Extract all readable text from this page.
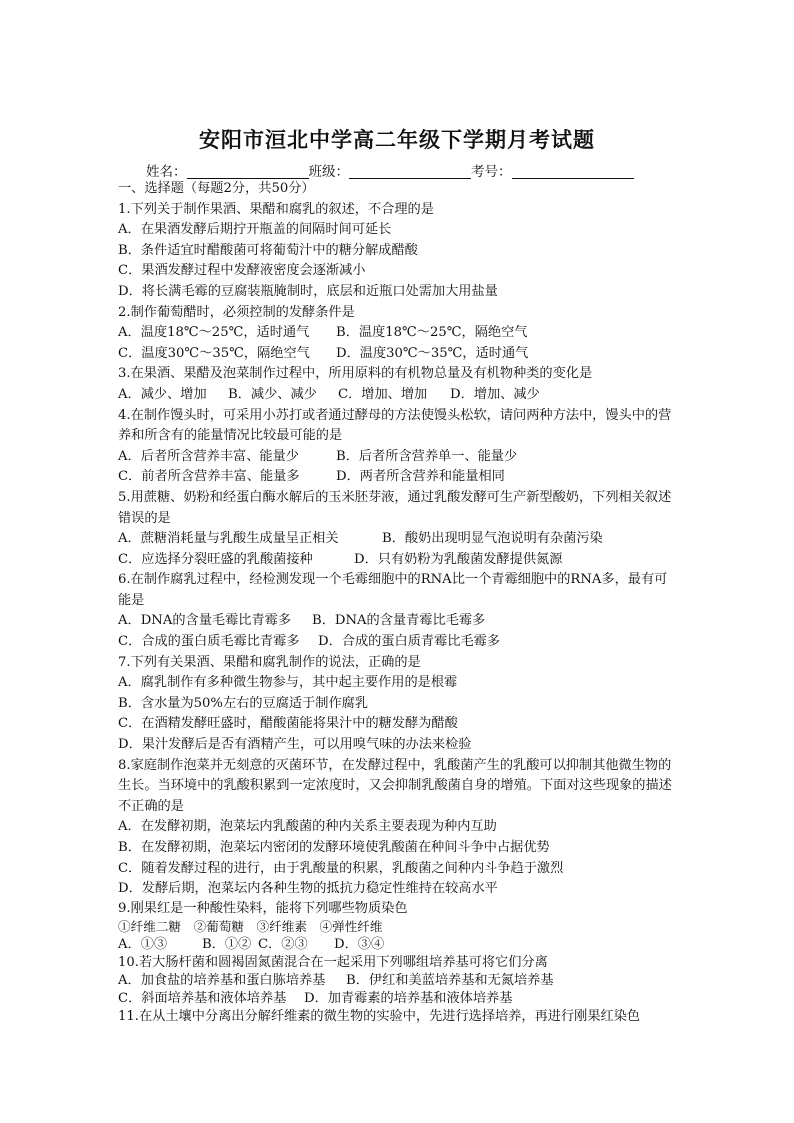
安阳市洹北中学高二年级下学期月考试题
姓名：	班级：	考号：
一、选择题（每题2分，共50分）
1.下列关于制作果酒、果醋和腐乳的叙述，不合理的是
A．在果酒发酵后期拧开瓶盖的间隔时间可延长
B．条件适宜时醋酸菌可将葡萄汁中的糖分解成醋酸
C．果酒发酵过程中发酵液密度会逐渐减小
D．将长满毛霉的豆腐装瓶腌制时，底层和近瓶口处需加大用盐量
2.制作葡萄醋时，必须控制的发酵条件是
A．温度18℃～25℃，适时通气 B．温度18℃～25℃，隔绝空气
C．温度30℃～35℃，隔绝空气 D．温度30℃～35℃，适时通气
3.在果酒、果醋及泡菜制作过程中，所用原料的有机物总量及有机物种类的变化是
A．减少、增加 B．减少、减少 C．增加、增加 D．增加、减少
4.在制作馒头时，可采用小苏打或者通过酵母的方法使馒头松软，请问两种方法中，馒头中的营养和所含有的能量情况比较最可能的是
A．后者所含营养丰富、能量少	B．后者所含营养单一、能量少
C．前者所含营养丰富、能量多	D．两者所含营养和能量相同
5.用蔗糖、奶粉和经蛋白酶水解后的玉米胚芽液，通过乳酸发酵可生产新型酸奶，下列相关叙述错误的是
A．蔗糖消耗量与乳酸生成量呈正相关	B．酸奶出现明显气泡说明有杂菌污染
C．应选择分裂旺盛的乳酸菌接种	D．只有奶粉为乳酸菌发酵提供氮源
6.在制作腐乳过程中，经检测发现一个毛霉细胞中的RNA比一个青霉细胞中的RNA多，最有可能是
A．DNA的含量毛霉比青霉多 B．DNA的含量青霉比毛霉多
C．合成的蛋白质毛霉比青霉多 D．合成的蛋白质青霉比毛霉多
7.下列有关果酒、果醋和腐乳制作的说法，正确的是
A．腐乳制作有多种微生物参与，其中起主要作用的是根霉
B．含水量为50%左右的豆腐适于制作腐乳
C．在酒精发酵旺盛时，醋酸菌能将果汁中的糖发酵为醋酸
D．果汁发酵后是否有酒精产生，可以用嗅气味的办法来检验
8.家庭制作泡菜并无刻意的灭菌环节，在发酵过程中，乳酸菌产生的乳酸可以抑制其他微生物的生长。当环境中的乳酸积累到一定浓度时，又会抑制乳酸菌自身的增殖。下面对这些现象的描述不正确的是
A．在发酵初期，泡菜坛内乳酸菌的种内关系主要表现为种内互助
B．在发酵初期，泡菜坛内密闭的发酵环境使乳酸菌在种间斗争中占据优势
C．随着发酵过程的进行，由于乳酸量的积累，乳酸菌之间种内斗争趋于激烈
D．发酵后期，泡菜坛内各种生物的抵抗力稳定性维持在较高水平
9.刚果红是一种酸性染料，能将下列哪些物质染色
①纤维二糖　②葡萄糖　③纤维素　④弹性纤维
A．①③	B．①② C．②③ D．③④
10.若大肠杆菌和圆褐固氮菌混合在一起采用下列哪组培养基可将它们分离
A．加食盐的培养基和蛋白胨培养基 B．伊红和美蓝培养基和无氮培养基
C．斜面培养基和液体培养基 D．加青霉素的培养基和液体培养基
11.在从土壤中分离出分解纤维素的微生物的实验中，先进行选择培养，再进行刚果红染色
